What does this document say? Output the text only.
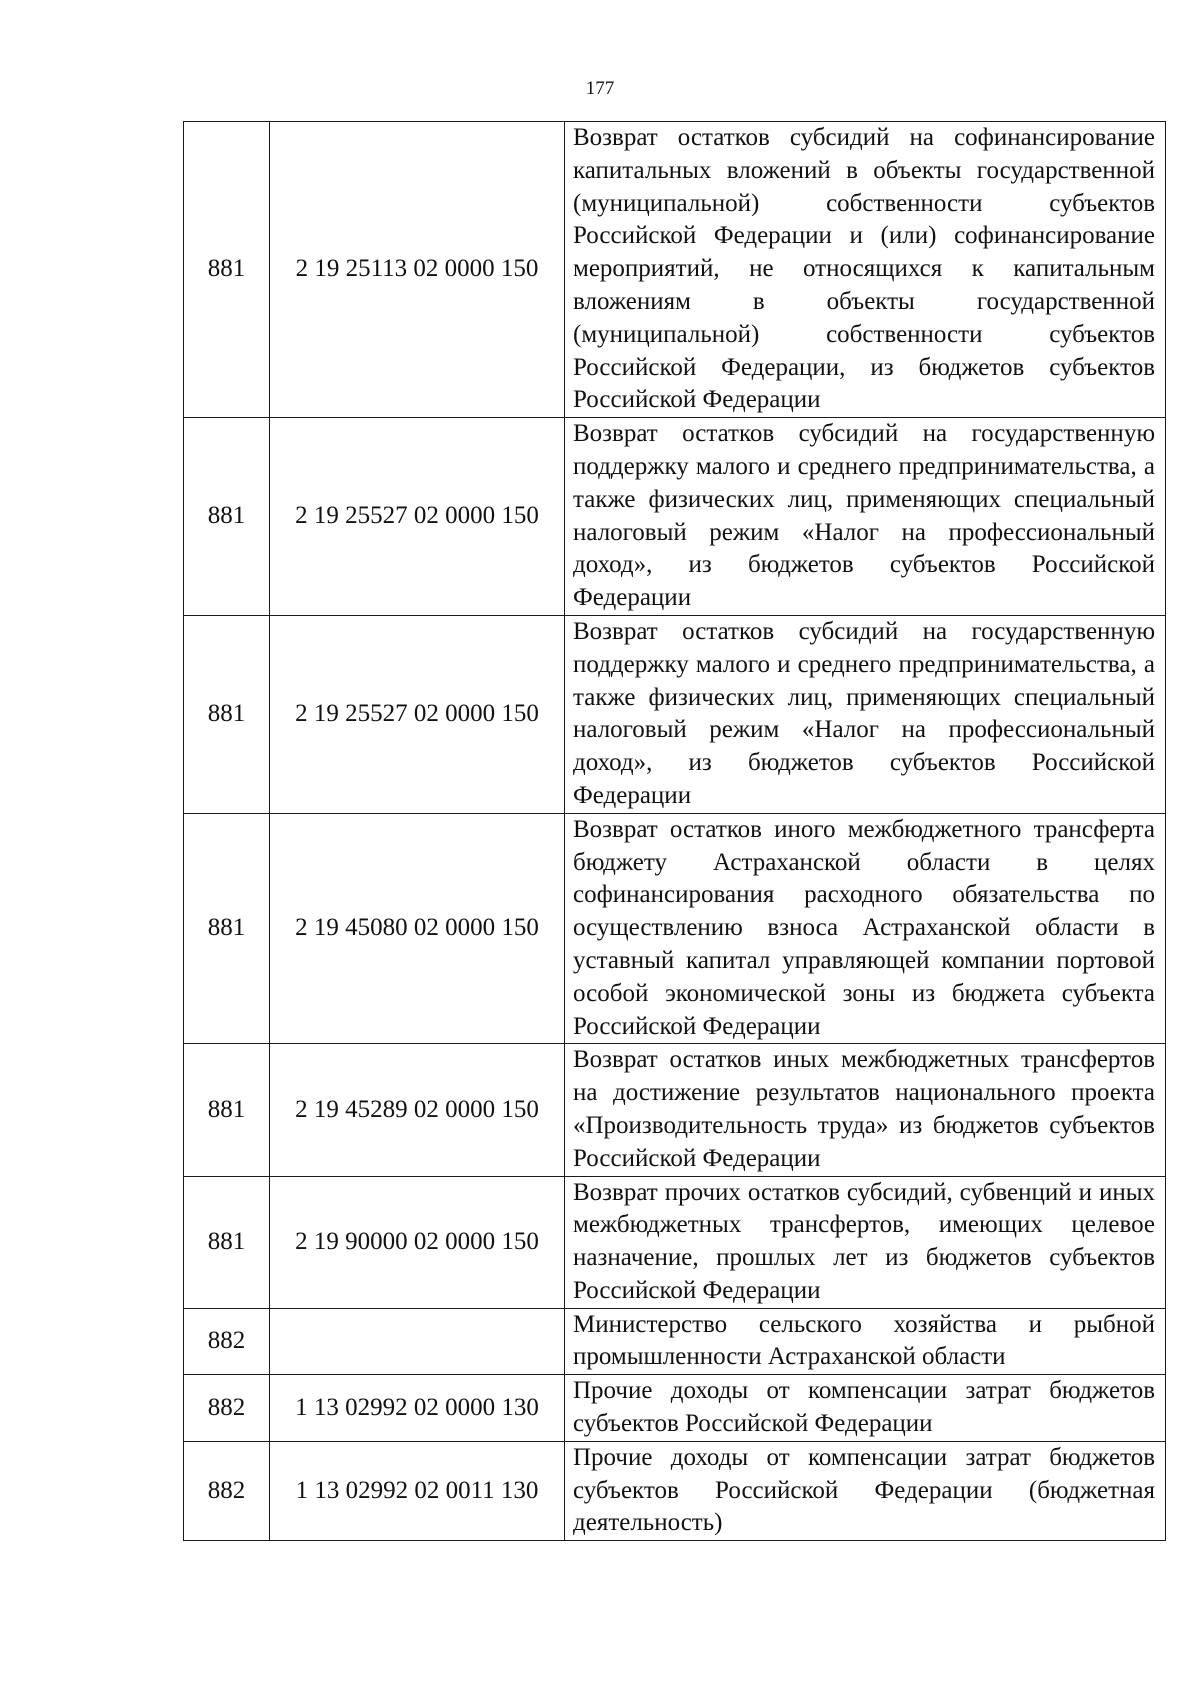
177
881	2 19 25113 02 0000 150	Возврат остатков субсидий на софинансирование капитальных вложений в объекты государственной (муниципальной) собственности субъектов Российской Федерации и (или) софинансирование мероприятий, не относящихся к капитальным вложениям в объекты государственной (муниципальной) собственности субъектов Российской Федерации, из бюджетов субъектов Российской Федерации
881	2 19 25527 02 0000 150	Возврат остатков субсидий на государственную поддержку малого и среднего предпринимательства, а также физических лиц, применяющих специальный налоговый режим «Налог на профессиональный доход», из бюджетов субъектов Российской Федерации
881	2 19 25527 02 0000 150	Возврат остатков субсидий на государственную поддержку малого и среднего предпринимательства, а также физических лиц, применяющих специальный налоговый режим «Налог на профессиональный доход», из бюджетов субъектов Российской Федерации
881	2 19 45080 02 0000 150	Возврат остатков иного межбюджетного трансферта бюджету Астраханской области в целях софинансирования расходного обязательства по осуществлению взноса Астраханской области в уставный капитал управляющей компании портовой особой экономической зоны из бюджета субъекта Российской Федерации
881	2 19 45289 02 0000 150	Возврат остатков иных межбюджетных трансфертов на достижение результатов национального проекта «Производительность труда» из бюджетов субъектов Российской Федерации
881	2 19 90000 02 0000 150	Возврат прочих остатков субсидий, субвенций и иных межбюджетных трансфертов, имеющих целевое назначение, прошлых лет из бюджетов субъектов Российской Федерации
882		Министерство сельского хозяйства и рыбной промышленности Астраханской области
882	1 13 02992 02 0000 130	Прочие доходы от компенсации затрат бюджетов субъектов Российской Федерации
882	1 13 02992 02 0011 130	Прочие доходы от компенсации затрат бюджетов субъектов Российской Федерации (бюджетная деятельность)
